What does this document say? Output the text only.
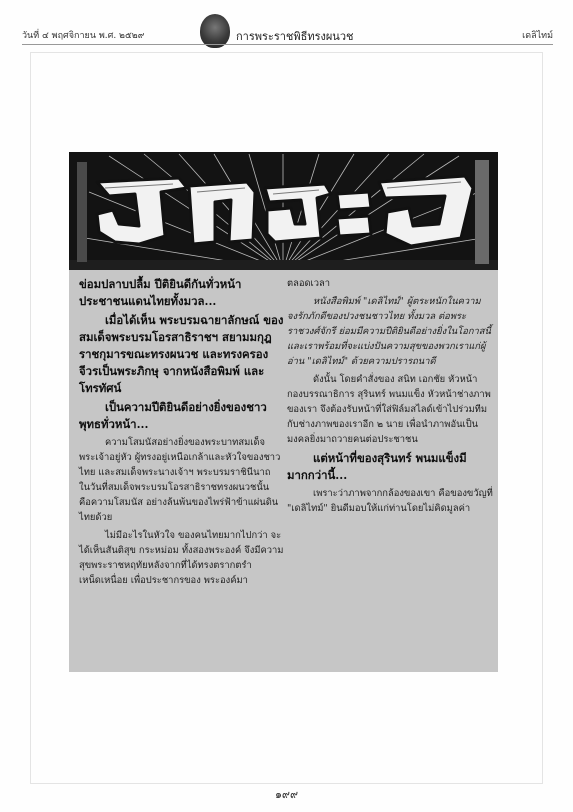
วันที่ ๔ พฤศจิกายน พ.ศ. ๒๕๒๙	การพระราชพิธีทรงผนวช	เดลิไทม์

ข่อมปลาบปลื้ม ปีติยินดีกันทั่วหน้าประชาชนแดนไทยทั้งมวล...

เมื่อได้เห็น พระบรมฉายาลักษณ์ ของสมเด็จพระบรมโอรสาธิราชฯ สยามมกุฎราชกุมารขณะทรงผนวช และทรงครองจีวรเป็นพระภิกษุ จากหนังสือพิมพ์ และโทรทัศน์

เป็นความปีติยินดีอย่างยิ่งของชาวพุทธทั่วหน้า...

ความโสมนัสอย่างยิ่งของพระบาทสมเด็จพระเจ้าอยู่หัว ผู้ทรงอยู่เหนือเกล้าและหัวใจของชาวไทย และสมเด็จพระนางเจ้าฯ พระบรมราชินีนาถ ในวันที่สมเด็จพระบรมโอรสาธิราชทรงผนวชนั้น คือความโสมนัส อย่างล้นพ้นของไพร่ฟ้าข้าแผ่นดินไทยด้วย

ไม่มีอะไรในหัวใจ ของคนไทยมากไปกว่า จะได้เห็นสันติสุข กระหม่อม ทั้งสองพระองค์ จึงมีความสุขพระราชหฤทัยหลังจากที่ได้ทรงตรากตรำเหน็ดเหนื่อย เพื่อประชากรของ พระองค์มา

ตลอดเวลา

หนังสือพิมพ์ "เดลิไทม์" ผู้ตระหนักในความจงรักภักดีของปวงชนชาวไทย ทั้งมวล ต่อพระราชวงศ์จักรี ย่อมมีความปีติยินดีอย่างยิ่งในโอกาสนี้ และเราพร้อมที่จะแบ่งปันความสุขของพวกเราแก่ผู้อ่าน "เดลิไทม์" ด้วยความปรารถนาดี

ดังนั้น โดยคำสั่งของ สนิท เอกชัย หัวหน้ากองบรรณาธิการ สุรินทร์ พนมแข็ง หัวหน้าช่างภาพของเรา จึงต้องรับหน้าที่ใส่ฟิล์มสไลด์เข้าไปร่วมทีมกับช่างภาพของเราอีก ๒ นาย เพื่อนำภาพอันเป็นมงคลยิ่งมาถวายคนต่อประชาชน

แต่หน้าที่ของสุรินทร์ พนมแข็งมีมากกว่านี้...

เพราะว่าภาพจากกล้องของเขา คือของขวัญที่ "เดลิไทม์" ยินดีมอบให้แก่ท่านโดยไม่คิดมูลค่า

๑๙๙
